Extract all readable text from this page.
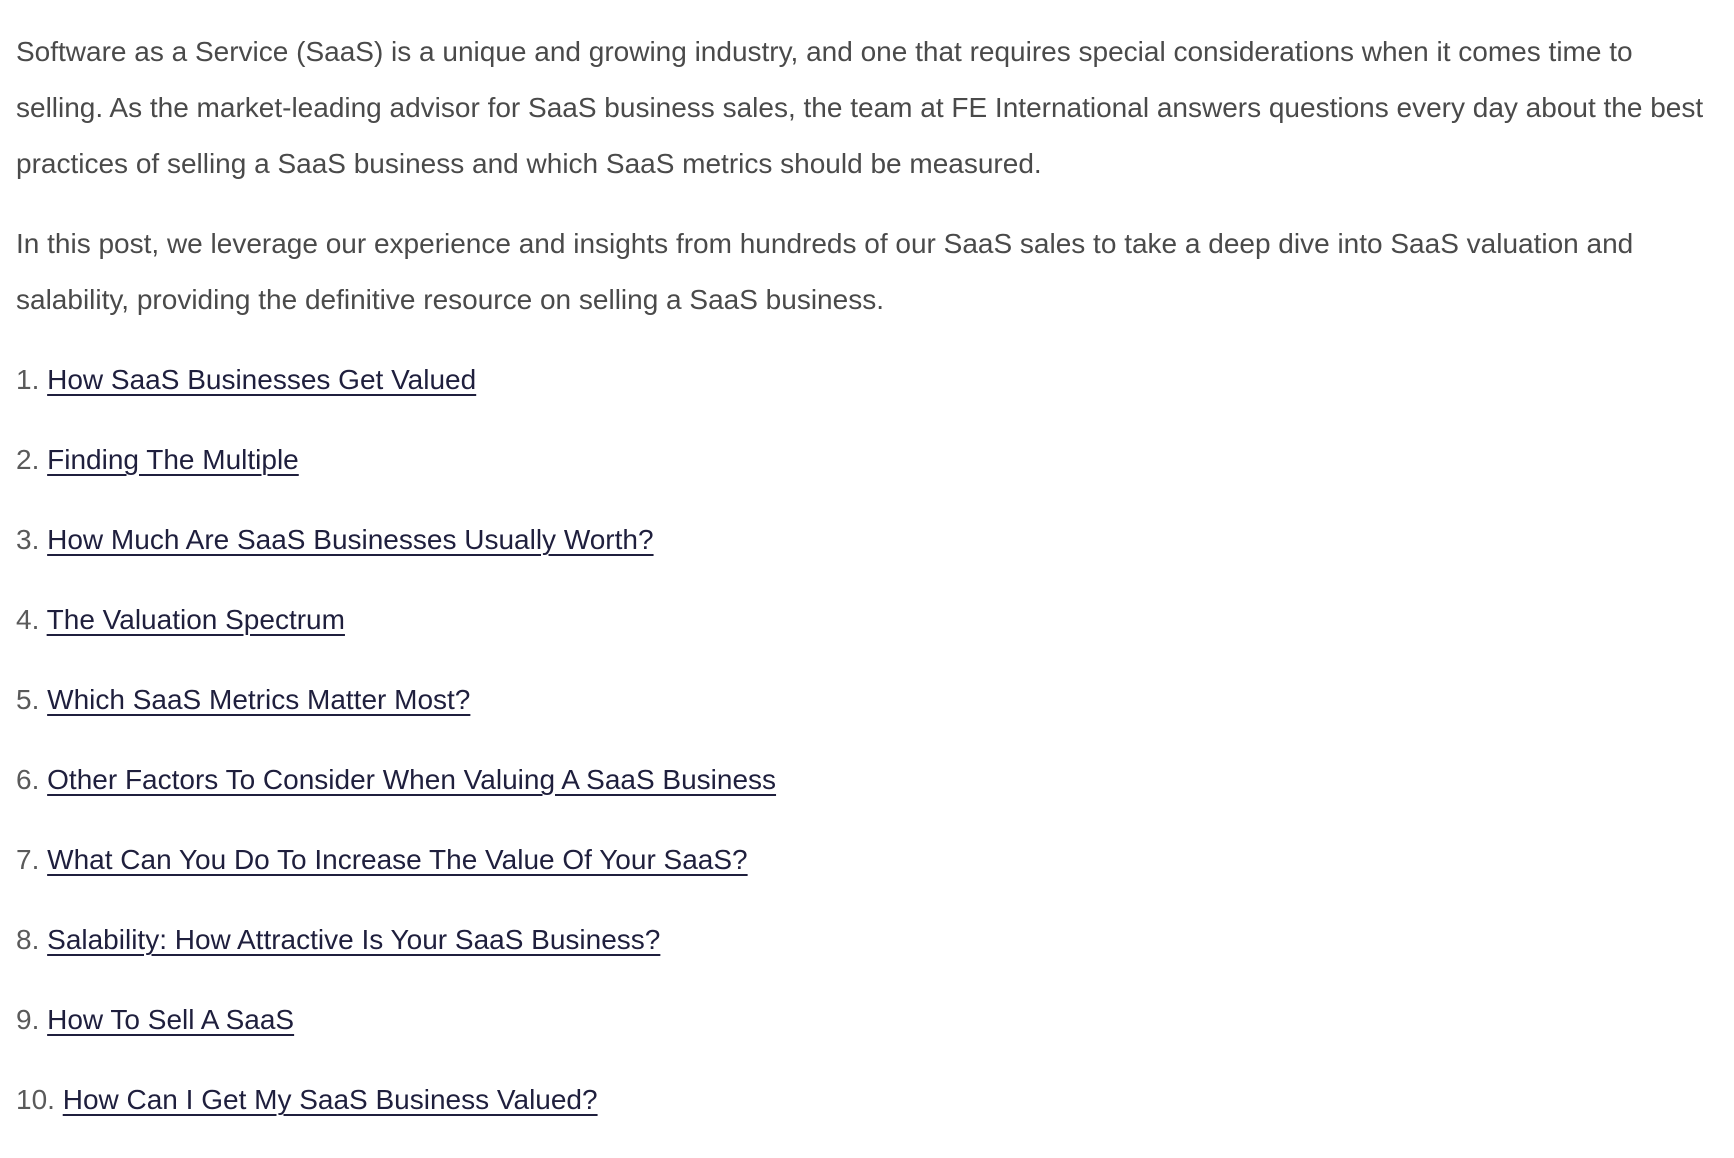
Software as a Service (SaaS) is a unique and growing industry, and one that requires special considerations when it comes time to selling. As the market-leading advisor for SaaS business sales, the team at FE International answers questions every day about the best practices of selling a SaaS business and which SaaS metrics should be measured.

In this post, we leverage our experience and insights from hundreds of our SaaS sales to take a deep dive into SaaS valuation and salability, providing the definitive resource on selling a SaaS business.

1. How SaaS Businesses Get Valued
2. Finding The Multiple
3. How Much Are SaaS Businesses Usually Worth?
4. The Valuation Spectrum
5. Which SaaS Metrics Matter Most?
6. Other Factors To Consider When Valuing A SaaS Business
7. What Can You Do To Increase The Value Of Your SaaS?
8. Salability: How Attractive Is Your SaaS Business?
9. How To Sell A SaaS
10. How Can I Get My SaaS Business Valued?
